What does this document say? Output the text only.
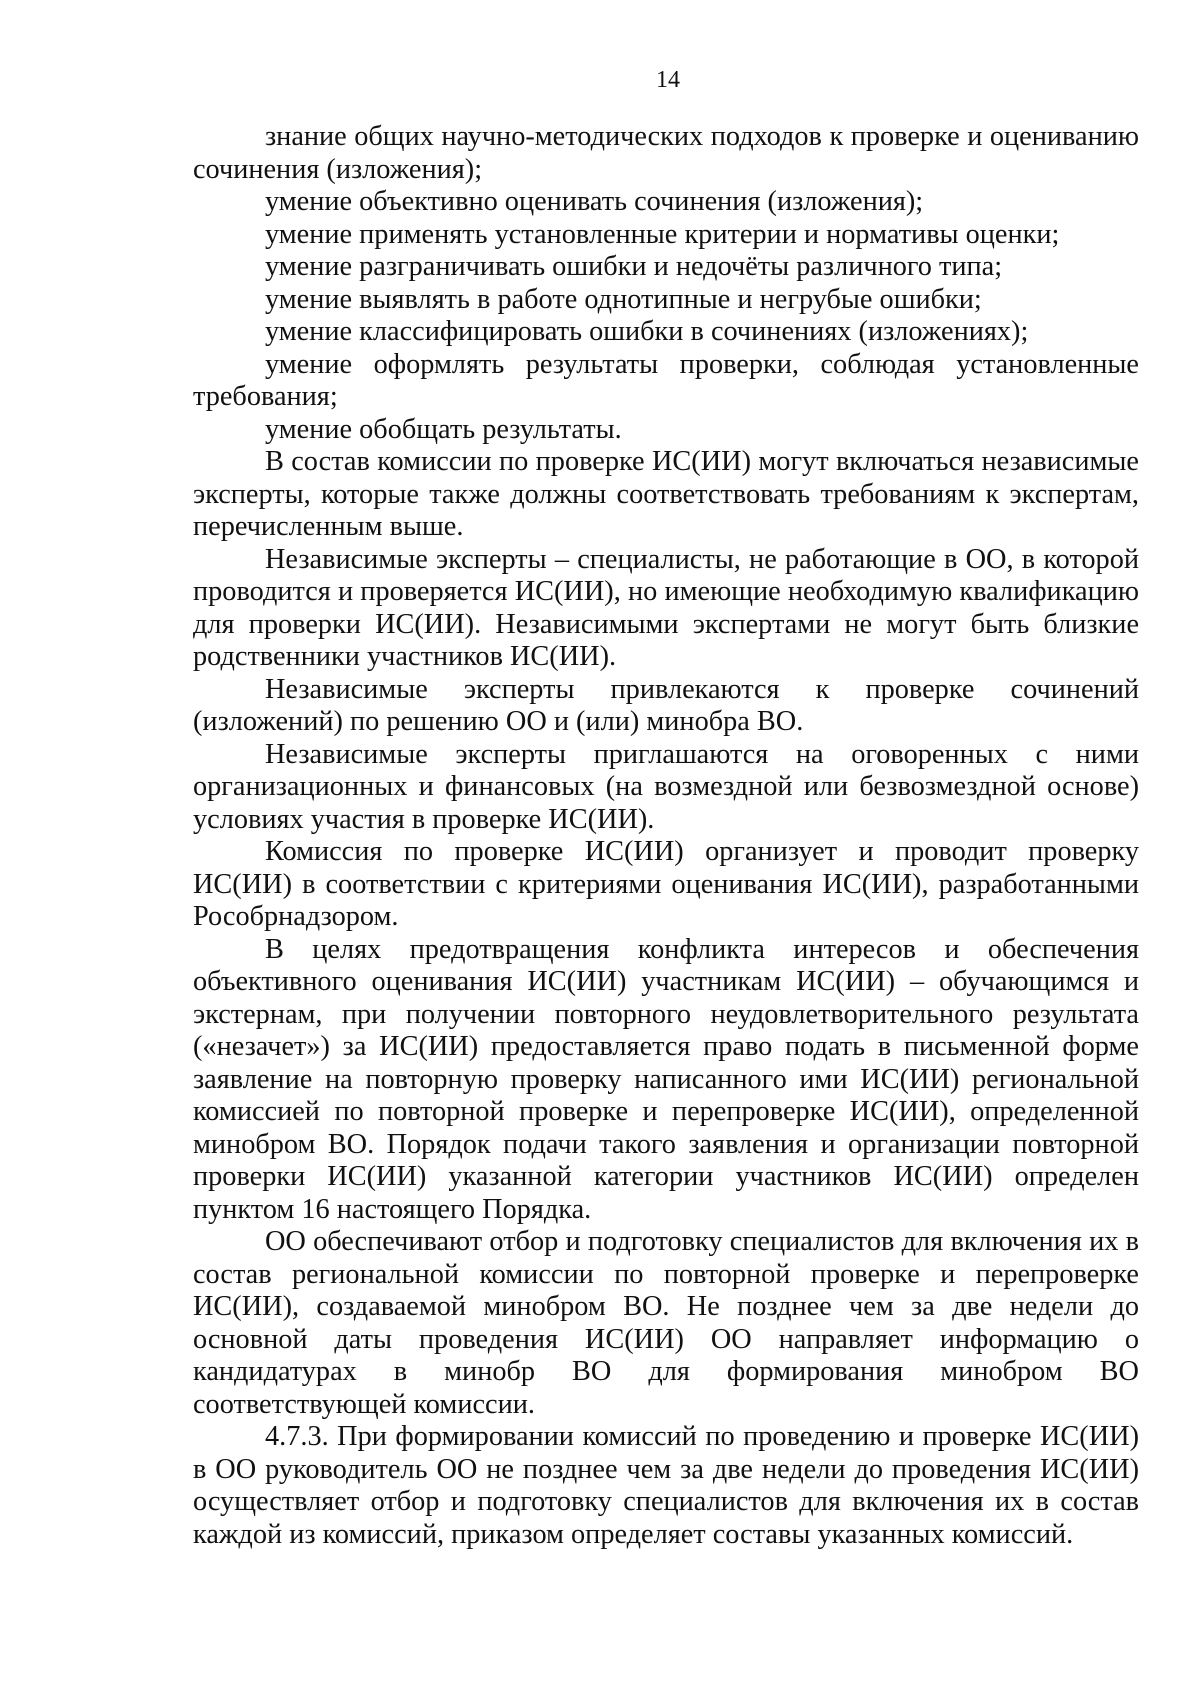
14

знание общих научно-методических подходов к проверке и оцениванию сочинения (изложения);

умение объективно оценивать сочинения (изложения);

умение применять установленные критерии и нормативы оценки;

умение разграничивать ошибки и недочёты различного типа;

умение выявлять в работе однотипные и негрубые ошибки;

умение классифицировать ошибки в сочинениях (изложениях);

умение оформлять результаты проверки, соблюдая установленные требования;

умение обобщать результаты.

В состав комиссии по проверке ИС(ИИ) могут включаться независимые эксперты, которые также должны соответствовать требованиям к экспертам, перечисленным выше.

Независимые эксперты – специалисты, не работающие в ОО, в которой проводится и проверяется ИС(ИИ), но имеющие необходимую квалификацию для проверки ИС(ИИ). Независимыми экспертами не могут быть близкие родственники участников ИС(ИИ).

Независимые эксперты привлекаются к проверке сочинений (изложений) по решению ОО и (или) минобра ВО.

Независимые эксперты приглашаются на оговоренных с ними организационных и финансовых (на возмездной или безвозмездной основе) условиях участия в проверке ИС(ИИ).

Комиссия по проверке ИС(ИИ) организует и проводит проверку ИС(ИИ) в соответствии с критериями оценивания ИС(ИИ), разработанными Рособрнадзором.

В целях предотвращения конфликта интересов и обеспечения объективного оценивания ИС(ИИ) участникам ИС(ИИ) – обучающимся и экстернам, при получении повторного неудовлетворительного результата («незачет») за ИС(ИИ) предоставляется право подать в письменной форме заявление на повторную проверку написанного ими ИС(ИИ) региональной комиссией по повторной проверке и перепроверке ИС(ИИ), определенной минобром ВО. Порядок подачи такого заявления и организации повторной проверки ИС(ИИ) указанной категории участников ИС(ИИ) определен пунктом 16 настоящего Порядка.

ОО обеспечивают отбор и подготовку специалистов для включения их в состав региональной комиссии по повторной проверке и перепроверке ИС(ИИ), создаваемой минобром ВО. Не позднее чем за две недели до основной даты проведения ИС(ИИ) ОО направляет информацию о кандидатурах в минобр ВО для формирования минобром ВО соответствующей комиссии.

4.7.3. При формировании комиссий по проведению и проверке ИС(ИИ) в ОО руководитель ОО не позднее чем за две недели до проведения ИС(ИИ) осуществляет отбор и подготовку специалистов для включения их в состав каждой из комиссий, приказом определяет составы указанных комиссий.
